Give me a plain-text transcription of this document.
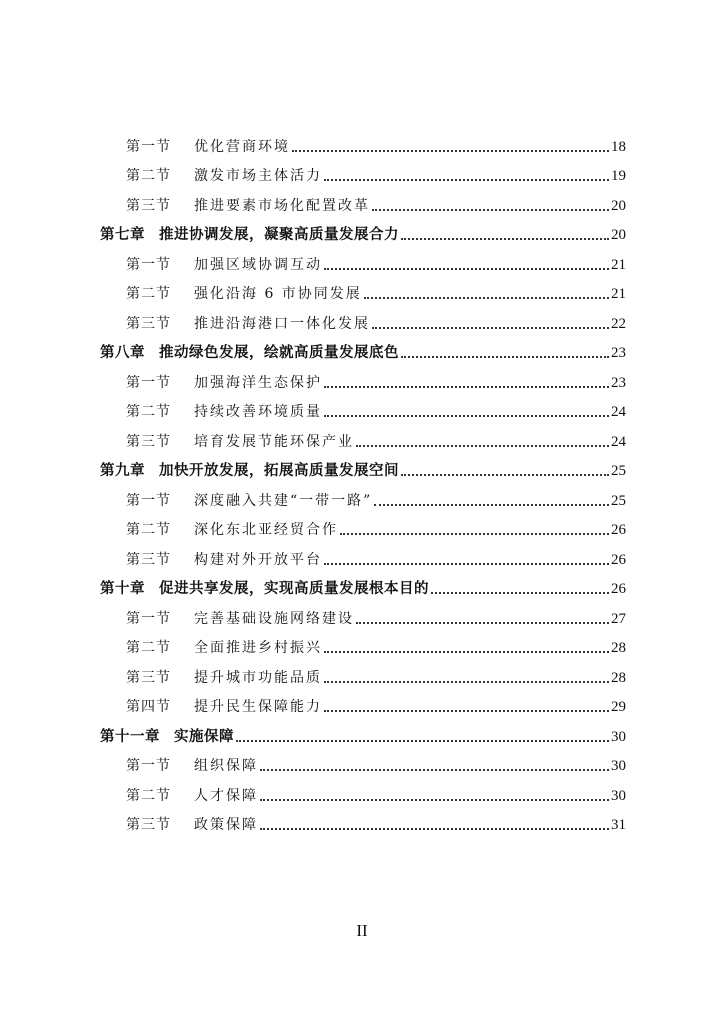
第一节	优化营商环境	18
第二节	激发市场主体活力	19
第三节	推进要素市场化配置改革	20
第七章 推进协调发展，凝聚高质量发展合力	20
第一节	加强区域协调互动	21
第二节	强化沿海 6 市协同发展	21
第三节	推进沿海港口一体化发展	22
第八章 推动绿色发展，绘就高质量发展底色	23
第一节	加强海洋生态保护	23
第二节	持续改善环境质量	24
第三节	培育发展节能环保产业	24
第九章 加快开放发展，拓展高质量发展空间	25
第一节	深度融入共建“一带一路”	25
第二节	深化东北亚经贸合作	26
第三节	构建对外开放平台	26
第十章 促进共享发展，实现高质量发展根本目的	26
第一节	完善基础设施网络建设	27
第二节	全面推进乡村振兴	28
第三节	提升城市功能品质	28
第四节	提升民生保障能力	29
第十一章 实施保障	30
第一节	组织保障	30
第二节	人才保障	30
第三节	政策保障	31
II
